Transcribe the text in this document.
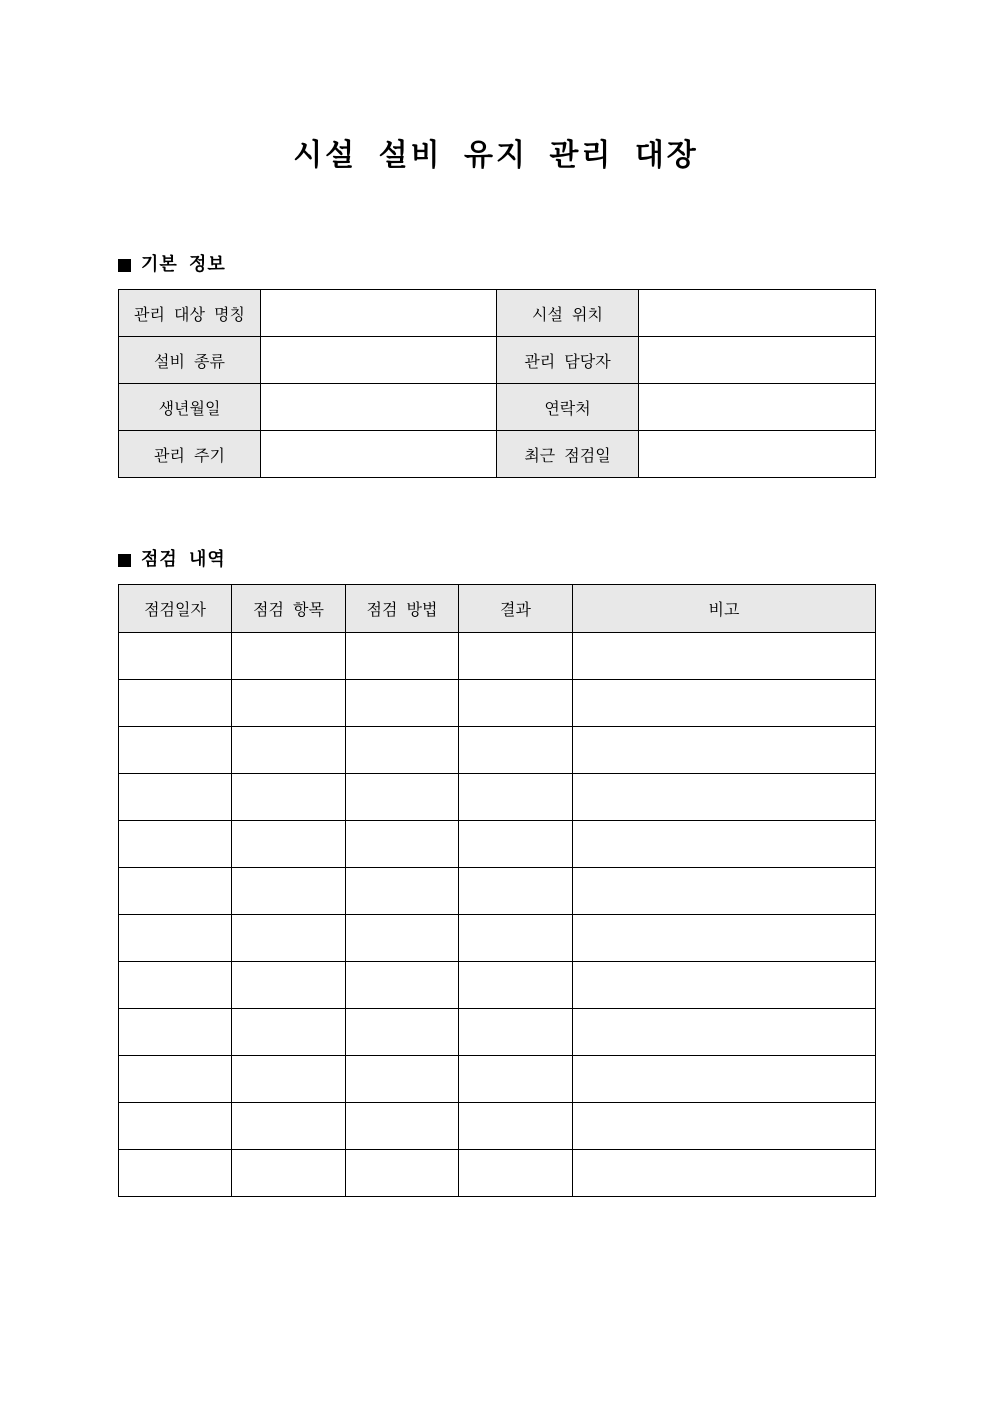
시설 설비 유지 관리 대장
기본 정보
관리 대상 명칭		시설 위치	
설비 종류		관리 담당자	
생년월일		연락처	
관리 주기		최근 점검일	
점검 내역
점검일자	점검 항목	점검 방법	결과	비고
